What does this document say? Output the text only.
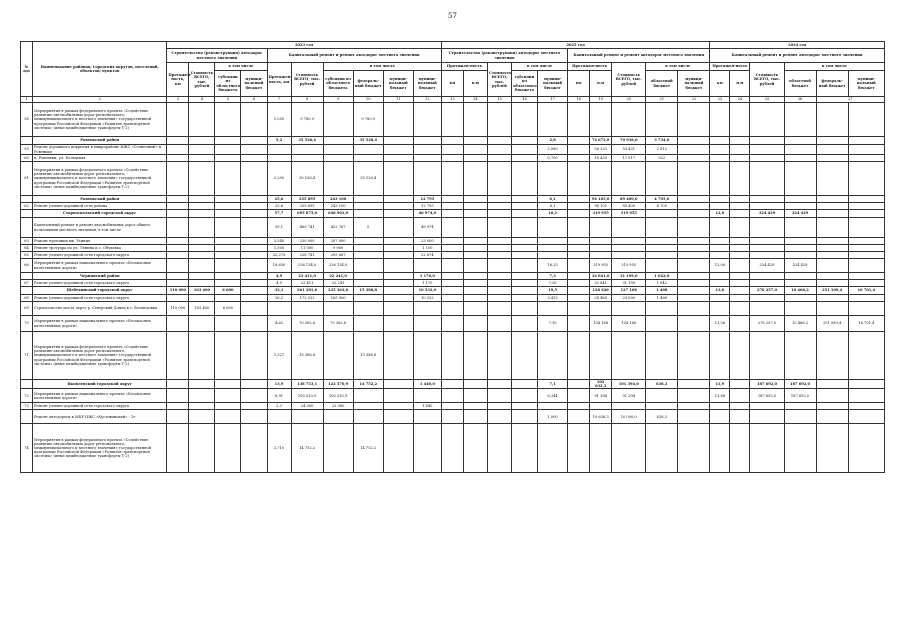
57
№ п/п	Наименование районов, городских округов, поселений, объектов/ пунктов	2023 год										2025 год										2024 год					
		Строительство (реконструкция) автодорог местного значения				Капитальный ремонт и ремонт автодорог местного значения						Строительство (реконструкция) автодорог местного значения					Капитальный ремонт и ремонт автодорог местного значения					Капитальный ремонт и ремонт автодорог местного значения					
		Протяжен-ность, км	Стоимость ВСЕГО, тыс. рублей	в том числе		Протяжен-ность, км	Стоимость ВСЕГО, тыс. рублей	в том числе				Протяжен-ность		Стоимость ВСЕГО, тыс. рублей	в том числе		Протяжен-ность		Стоимость ВСЕГО, тыс. рублей	в том числе		Протяжен-ность		Стоимость ВСЕГО, тыс. рублей	в том числе		
				субсидии из областного бюджета	муници-пальный бюджет			субсидии из областного бюджета	федераль-ный бюджет	муници-пальный бюджет	муници-пальный бюджет	км	п.м		субсидии из областного бюджета	муници-пальный бюджет	км	п.м		областной бюджет	муници-пальный бюджет	км	п.м		областной бюджет	федераль-ный бюджет	муници-пальный бюджет
1	2	3	4	5	6	7	8	9	10	11	12	13	14	15	16	17	18	19	20	21	22	23	24	25	26	27	
58	Мероприятия в рамках федерального проекта «Содействие развитию автомобильных дорог регионального, межмуниципального и местного значения» государственной программы Российской Федерации «Развитие транспортной системы» (иные межбюджетные трансферты Т-2)					1,050	9 780,9		9 780,9																		
	Ровеньский район					5,2	35 528,4		35 528,4							2,8		74 672,0	70 938,0	3 734,0							
59	Ремонт дорожного покрытия в микрорайоне ИЖС «Солнечный» п. Ровеньки															2,080		56 223	53 421	2 812							
60	п. Ровеньки, ул. Кольцевая															0,700		18 439	17 517	922							
61	Мероприятия в рамках федерального проекта «Содействие развитию автомобильных дорог регионального, межмуниципального и местного значения» государственной программы Российской Федерации «Развитие транспортной системы» (иные межбюджетные трансферты Т-2)					5,200	35 528,4		35 528,4																		
	Ровеньский район					25,6	255 895	243 100			12 795					6,1		94 105,0	89 400,0	4 705,0							
62	Ремонт улично-дорожной сети района					25,6	255 895	243 100			12 795					6,1		94 105	89 400	4 705							
	Старооскольский городской округ					57,7	695 875,0	648 901,0			46 974,0					16,2		319 955	319 955			12,0		324 429	324 429		
	Капитальный ремонт и ремонт автомобильных дорог общего пользования местного значения, в том числе					39,1	469 741	422 767	0		46 974																
63	Ремонт проезжих мк. Утиные					5,540	230 000	207 000			23 000																
64	Ремонт тротуара по ул. Ленина и с. Обуховка					1,500	11 000	9 900			1 100																
65	Ремонт улично-дорожной сети городского округа					32,275	228 741	205 867			22 874																
66	Мероприятия в рамках национального проекта «Безопасные качественные дороги»					18,630	226 134,0	226 134,0								16,25		319 955	319 955			12,00		324 429	324 429		
	Чернянский район					4,9	23 411,0	22 241,0			1 170,0					7,3		32 841,0	31 199,0	1 642,0							
67	Ремонт улично-дорожной сети городского округа					4,9	23 411	22 241			1 170					7,30		32 841	31 199	1 642							
	Шебекинский городской округ	110 000	103 400	6 600		32,1	261 281,6	235 363,6	15 386,8		10 532,0					19,5		128 626	127 168	1 468		13,6		278 257,0	10 466,2	251 109,4	16 701,4
68	Ремонт улично-дорожной сети городского округа					26,2	172 532	165 900			10 532					3,413		24 468	23 000	1 468							
69	Строительство моста через р. Северский Донец в с. Безлюдовка	110 000	103 400	6 600																							
70	Мероприятия в рамках национального проекта «Безопасные качественные дороги»					4,62	70 362,6	70 362,6								7,10		104 168	104 168			13,56		278 257,0	10 466,2	251 089,4	16 701,4
71	Мероприятия в рамках федерального проекта «Содействие развитию автомобильных дорог регионального, межмуниципального и местного значения» государственной программы Российской Федерации «Развитие транспортной системы» (иные межбюджетные трансферты Т-2)					1,327	15 386,8		15 386,8																		
	Яковлевский городской округ					13,9	138 753,1	122 570,9	14 752,2		1 440,0					7,1		102 032,3	101 394,0	638,3		13,9		187 692,0	187 692,0		
72	Мероприятия в рамках национального проекта «Безопасные качественные дороги»					8,91	100 010,9	100 010,9								6,344		91 394	91 394			13,88		187 692,0	187 692,0		
73	Ремонт улично-дорожной сети городского округа					2,3	24 000	22 560			1 440																
	Ремонт автодороги к МКР ИЖС «Кустовинский» - 1е															1,000		10 638,3	10 000,0	638,3							
74	Мероприятия в рамках федерального проекта «Содействие развитию автомобильных дорог регионального, межмуниципального и местного значения» государственной программы Российской Федерации «Развитие транспортной системы» (иные межбюджетные трансферты Т-2)					2,710	14 752,2		14 752,2																		
